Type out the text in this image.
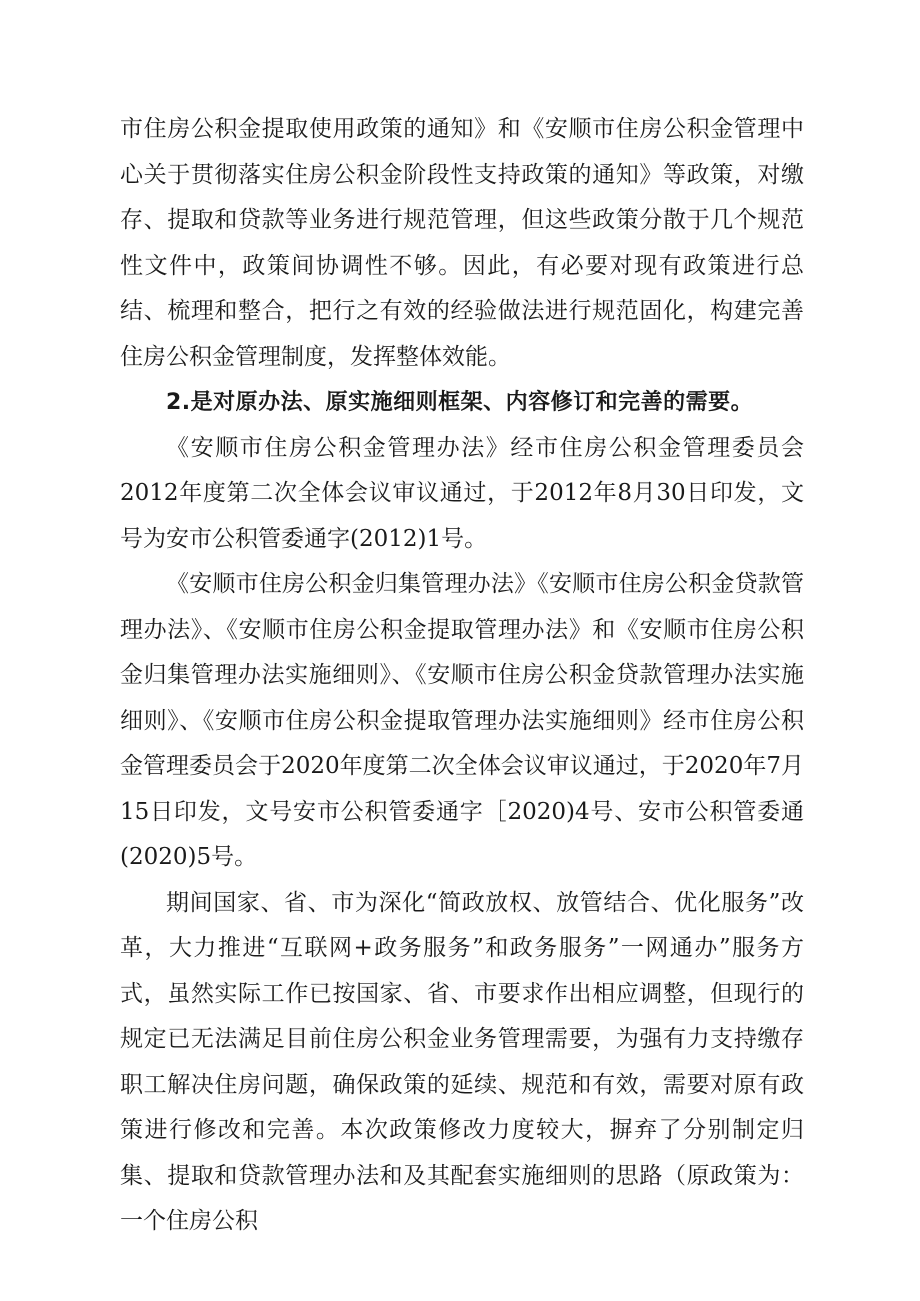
市住房公积金提取使用政策的通知》和《安顺市住房公积金管理中心关于贯彻落实住房公积金阶段性支持政策的通知》等政策，对缴存、提取和贷款等业务进行规范管理，但这些政策分散于几个规范性文件中，政策间协调性不够。因此，有必要对现有政策进行总结、梳理和整合，把行之有效的经验做法进行规范固化，构建完善住房公积金管理制度，发挥整体效能。

2.是对原办法、原实施细则框架、内容修订和完善的需要。

《安顺市住房公积金管理办法》经市住房公积金管理委员会2012年度第二次全体会议审议通过，于2012年8月30日印发，文号为安市公积管委通字(2012)1号。

《安顺市住房公积金归集管理办法》《安顺市住房公积金贷款管理办法》、《安顺市住房公积金提取管理办法》和《安顺市住房公积金归集管理办法实施细则》、《安顺市住房公积金贷款管理办法实施细则》、《安顺市住房公积金提取管理办法实施细则》经市住房公积金管理委员会于2020年度第二次全体会议审议通过，于2020年7月15日印发，文号安市公积管委通字［2020)4号、安市公积管委通(2020)5号。

期间国家、省、市为深化“简政放权、放管结合、优化服务”改革，大力推进“互联网+政务服务”和政务服务”一网通办”服务方式，虽然实际工作已按国家、省、市要求作出相应调整，但现行的规定已无法满足目前住房公积金业务管理需要，为强有力支持缴存职工解决住房问题，确保政策的延续、规范和有效，需要对原有政策进行修改和完善。本次政策修改力度较大，摒弃了分别制定归集、提取和贷款管理办法和及其配套实施细则的思路（原政策为：一个住房公积
